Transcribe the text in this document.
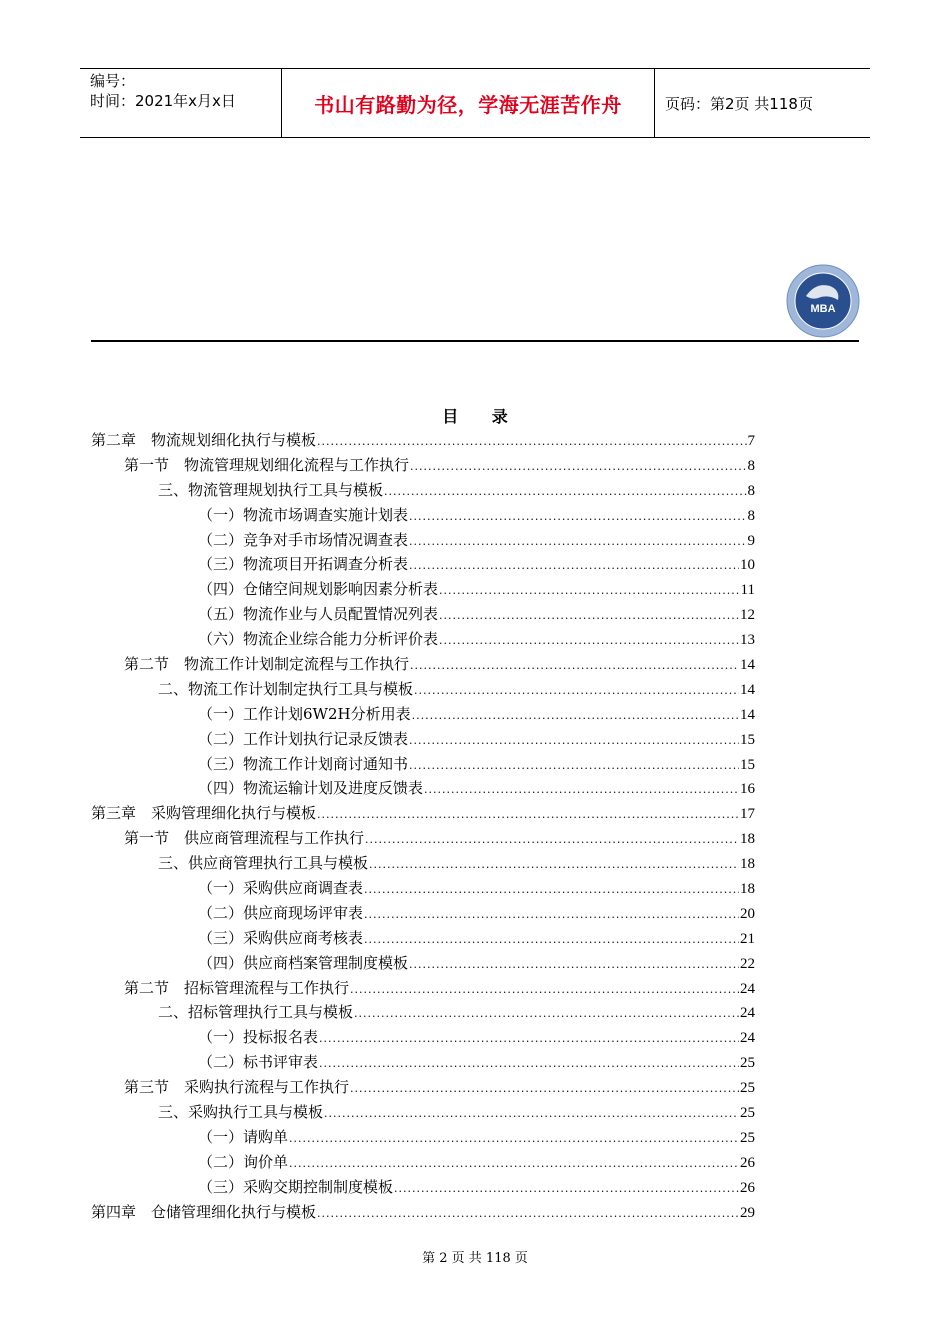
编号：
时间：2021年x月x日	书山有路勤为径，学海无涯苦作舟	页码：第2页 共118页
MBA
目 录
第二章　物流规划细化执行与模板 .....	7
第一节　物流管理规划细化流程与工作执行 .....	8
三、物流管理规划执行工具与模板 .....	8
（一）物流市场调查实施计划表 .....	8
（二）竞争对手市场情况调查表 .....	9
（三）物流项目开拓调查分析表 .....	10
（四）仓储空间规划影响因素分析表 .....	11
（五）物流作业与人员配置情况列表 .....	12
（六）物流企业综合能力分析评价表 .....	13
第二节　物流工作计划制定流程与工作执行 .....	14
二、物流工作计划制定执行工具与模板 .....	14
（一）工作计划6W2H分析用表 .....	14
（二）工作计划执行记录反馈表 .....	15
（三）物流工作计划商讨通知书 .....	15
（四）物流运输计划及进度反馈表 .....	16
第三章　采购管理细化执行与模板 .....	17
第一节　供应商管理流程与工作执行 .....	18
三、供应商管理执行工具与模板 .....	18
（一）采购供应商调查表 .....	18
（二）供应商现场评审表 .....	20
（三）采购供应商考核表 .....	21
（四）供应商档案管理制度模板 .....	22
第二节　招标管理流程与工作执行 .....	24
二、招标管理执行工具与模板 .....	24
（一）投标报名表 .....	24
（二）标书评审表 .....	25
第三节　采购执行流程与工作执行 .....	25
三、采购执行工具与模板 .....	25
（一）请购单 .....	25
（二）询价单 .....	26
（三）采购交期控制制度模板 .....	26
第四章　仓储管理细化执行与模板 .....	29
第 2 页 共 118 页
